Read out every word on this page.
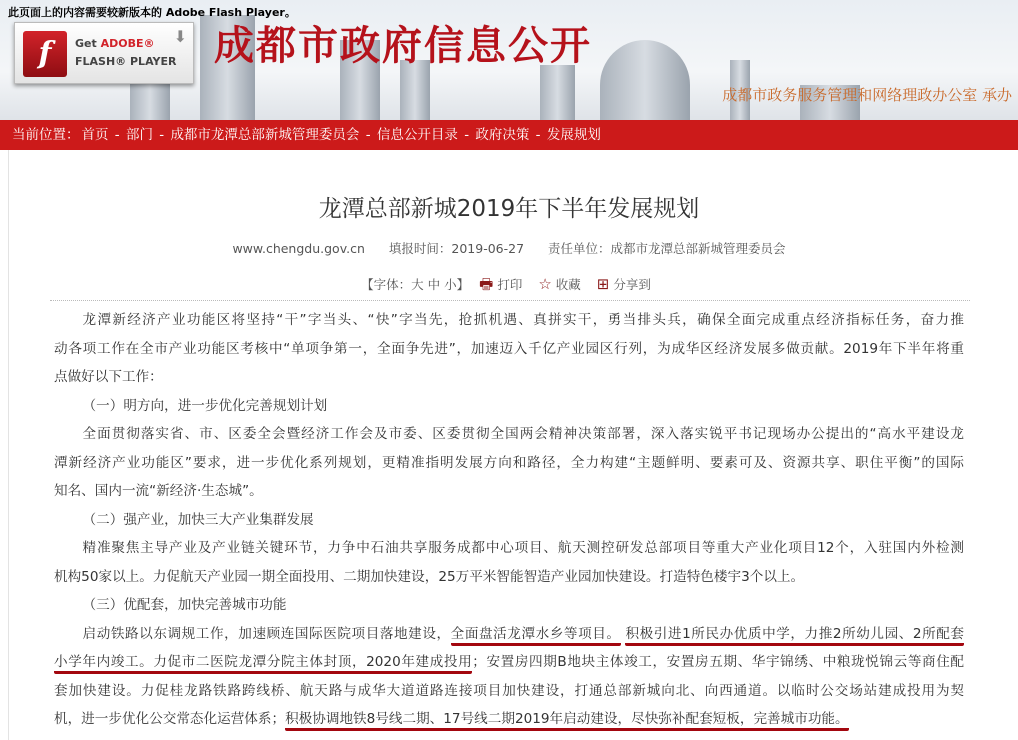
此页面上的内容需要较新版本的 Adobe Flash Player。
f	Get ADOBE®
FLASH® PLAYER
⬇ 成都市政府信息公开
成都市政务服务管理和网络理政办公室 承办
当前位置： 首页 - 部门 - 成都市龙潭总部新城管理委员会 - 信息公开目录 - 政府决策 - 发展规划
龙潭总部新城2019年下半年发展规划
www.chengdu.gov.cn 填报时间：2019-06-27 责任单位：成都市龙潭总部新城管理委员会
【字体：大 中 小】 🖶 打印 ☆ 收藏 ⊞ 分享到
龙潭新经济产业功能区将坚持“干”字当头、“快”字当先，抢抓机遇、真拼实干，勇当排头兵，确保全面完成重点经济指标任务，奋力推
动各项工作在全市产业功能区考核中“单项争第一，全面争先进”，加速迈入千亿产业园区行列，为成华区经济发展多做贡献。2019年下半年将重
点做好以下工作：
（一）明方向，进一步优化完善规划计划
全面贯彻落实省、市、区委全会暨经济工作会及市委、区委贯彻全国两会精神决策部署，深入落实锐平书记现场办公提出的“高水平建设龙
潭新经济产业功能区”要求，进一步优化系列规划，更精准指明发展方向和路径，全力构建“主题鲜明、要素可及、资源共享、职住平衡”的国际
知名、国内一流“新经济·生态城”。
（二）强产业，加快三大产业集群发展
精准聚焦主导产业及产业链关键环节，力争中石油共享服务成都中心项目、航天测控研发总部项目等重大产业化项目12个，入驻国内外检测
机构50家以上。力促航天产业园一期全面投用、二期加快建设，25万平米智能智造产业园加快建设。打造特色楼宇3个以上。
（三）优配套，加快完善城市功能
启动铁路以东调规工作，加速顾连国际医院项目落地建设，全面盘活龙潭水乡等项目。 积极引进1所民办优质中学，力推2所幼儿园、2所配套
小学年内竣工。力促市二医院龙潭分院主体封顶，2020年建成投用；安置房四期B地块主体竣工，安置房五期、华宇锦绣、中粮珑悦锦云等商住配
套加快建设。力促桂龙路铁路跨线桥、航天路与成华大道道路连接项目加快建设，打通总部新城向北、向西通道。以临时公交场站建成投用为契
机，进一步优化公交常态化运营体系；积极协调地铁8号线二期、17号线二期2019年启动建设，尽快弥补配套短板，完善城市功能。
